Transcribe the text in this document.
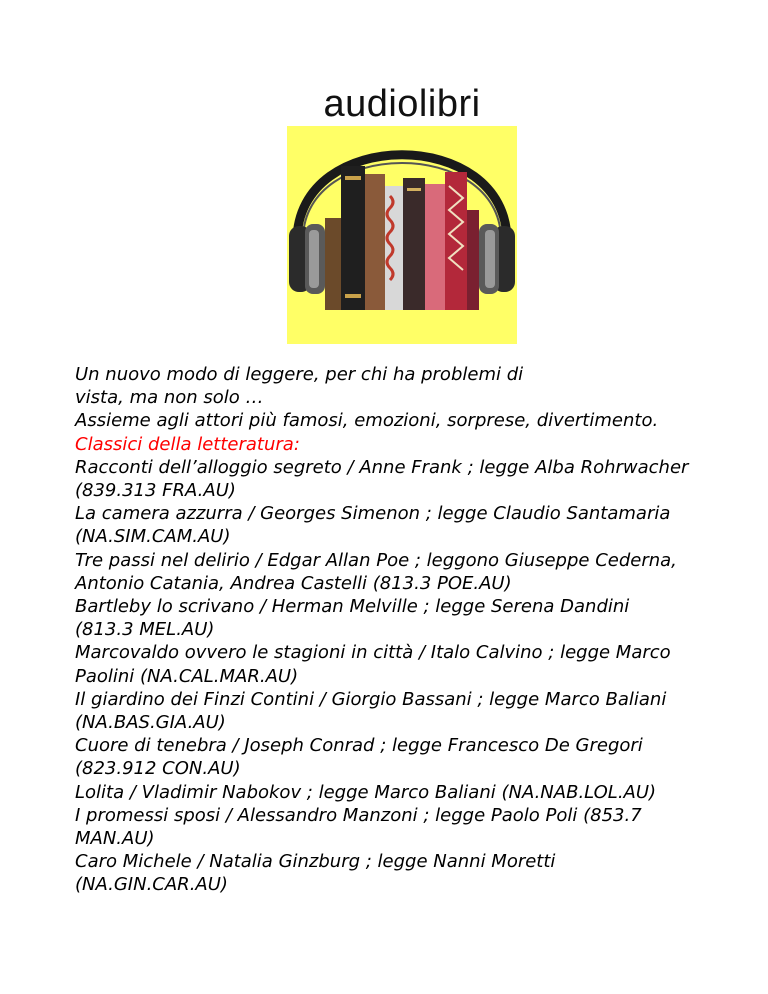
audiolibri

Un nuovo modo di leggere, per chi ha problemi di

vista, ma non solo …

Assieme agli attori più famosi, emozioni, sorprese, divertimento.

Classici della letteratura:

Racconti dell’alloggio segreto / Anne Frank ; legge Alba Rohrwacher

(839.313 FRA.AU)

La camera azzurra / Georges Simenon ; legge Claudio Santamaria

(NA.SIM.CAM.AU)

Tre passi nel delirio / Edgar Allan Poe ; leggono Giuseppe Cederna,

Antonio Catania, Andrea Castelli (813.3 POE.AU)

Bartleby lo scrivano / Herman Melville ; legge Serena Dandini

(813.3 MEL.AU)

Marcovaldo ovvero le stagioni in città / Italo Calvino ; legge Marco

Paolini (NA.CAL.MAR.AU)

Il giardino dei Finzi Contini / Giorgio Bassani ; legge Marco Baliani

(NA.BAS.GIA.AU)

Cuore di tenebra / Joseph Conrad ; legge Francesco De Gregori

(823.912 CON.AU)

Lolita / Vladimir Nabokov ; legge Marco Baliani (NA.NAB.LOL.AU)

I promessi sposi / Alessandro Manzoni ; legge Paolo Poli (853.7

MAN.AU)

Caro Michele / Natalia Ginzburg ; legge Nanni Moretti

(NA.GIN.CAR.AU)
